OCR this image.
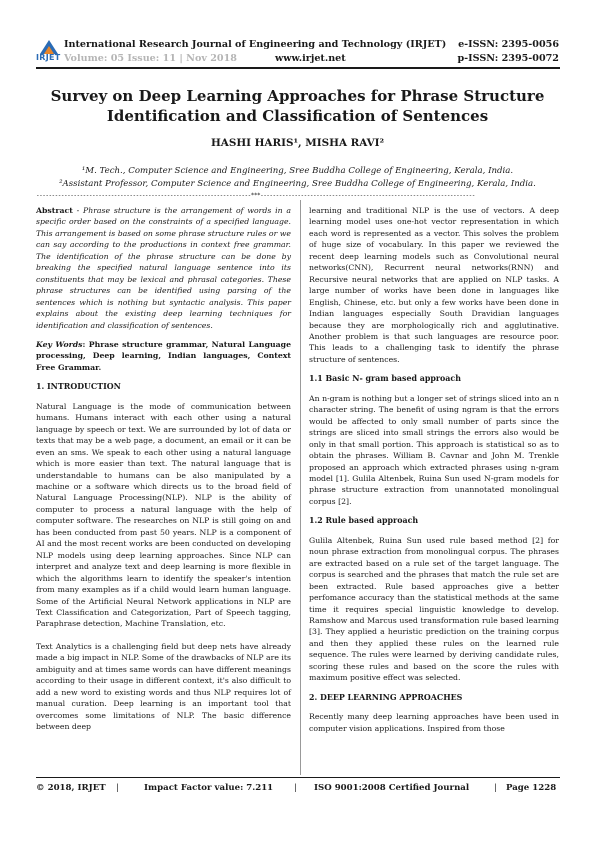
IRJET
International Research Journal of Engineering and Technology (IRJET)
Volume: 05 Issue: 11 | Nov 2018	www.irjet.net
e-ISSN: 2395-0056
p-ISSN: 2395-0072
Survey on Deep Learning Approaches for Phrase Structure
Identification and Classification of Sentences
HASHI HARIS¹, MISHA RAVI²
¹M. Tech., Computer Science and Engineering, Sree Buddha College of Engineering, Kerala, India.
²Assistant Professor, Computer Science and Engineering, Sree Buddha College of Engineering, Kerala, India.
---------------------------------------------------------------------***---------------------------------------------------------------------

Abstract - Phrase structure is the arrangement of words in a specific order based on the constraints of a specified language. This arrangement is based on some phrase structure rules or we can say according to the productions in context free grammar. The identification of the phrase structure can be done by breaking the specified natural language sentence into its constituents that may be lexical and phrasal categories. These phrase structures can be identified using parsing of the sentences which is nothing but syntactic analysis. This paper explains about the existing deep learning techniques for identification and classification of sentences.

Key Words: Phrase structure grammar, Natural Language processing, Deep learning, Indian languages, Context Free Grammar.

1. INTRODUCTION

Natural Language is the mode of communication between humans. Humans interact with each other using a natural language by speech or text. We are surrounded by lot of data or texts that may be a web page, a document, an email or it can be even an sms. We speak to each other using a natural language which is more easier than text. The natural language that is understandable to humans can be also manipulated by a machine or a software which directs us to the broad field of Natural Language Processing(NLP). NLP is the ability of computer to process a natural language with the help of computer software. The researches on NLP is still going on and has been conducted from past 50 years. NLP is a component of AI and the most recent works are been conducted on developing NLP models using deep learning approaches. Since NLP can interpret and analyze text and deep learning is more flexible in which the algorithms learn to identify the speaker's intention from many examples as if a child would learn human language. Some of the Artificial Neural Network applications in NLP are Text Classification and Categorization, Part of Speech tagging, Paraphrase detection, Machine Translation, etc.

Text Analytics is a challenging field but deep nets have already made a big impact in NLP. Some of the drawbacks of NLP are its ambiguity and at times same words can have different meanings according to their usage in different context, it's also difficult to add a new word to existing words and thus NLP requires lot of manual curation. Deep learning is an important tool that overcomes some limitations of NLP. The basic difference between deep

learning and traditional NLP is the use of vectors. A deep learning model uses one-hot vector representation in which each word is represented as a vector. This solves the problem of huge size of vocabulary. In this paper we reviewed the recent deep learning models such as Convolutional neural networks(CNN), Recurrent neural networks(RNN) and Recursive neural networks that are applied on NLP tasks. A large number of works have been done in languages like English, Chinese, etc. but only a few works have been done in Indian languages especially South Dravidian languages because they are morphologically rich and agglutinative. Another problem is that such languages are resource poor. This leads to a challenging task to identify the phrase structure of sentences.

1.1 Basic N- gram based approach

An n-gram is nothing but a longer set of strings sliced into an n character string. The benefit of using ngram is that the errors would be affected to only small number of parts since the strings are sliced into small strings the errors also would be only in that small portion. This approach is statistical so as to obtain the phrases. William B. Cavnar and John M. Trenkle proposed an approach which extracted phrases using n-gram model [1]. Gulila Altenbek, Ruina Sun used N-gram models for phrase structure extraction from unannotated monolingual corpus [2].

1.2 Rule based approach

Gulila Altenbek, Ruina Sun used rule based method [2] for noun phrase extraction from monolingual corpus. The phrases are extracted based on a rule set of the target language. The corpus is searched and the phrases that match the rule set are been extracted. Rule based approaches give a better perfomance accuracy than the statistical methods at the same time it requires special linguistic knowledge to develop. Ramshow and Marcus used transformation rule based learning [3]. They applied a heuristic prediction on the training corpus and then they applied these rules on the learned rule sequence. The rules were learned by deriving candidate rules, scoring these rules and based on the score the rules with maximum positive effect was selected.

2. DEEP LEARNING APPROACHES

Recently many deep learning approaches have been used in computer vision applications. Inspired from those

© 2018, IRJET |	Impact Factor value: 7.211 | ISO 9001:2008 Certified Journal	| Page 1228
